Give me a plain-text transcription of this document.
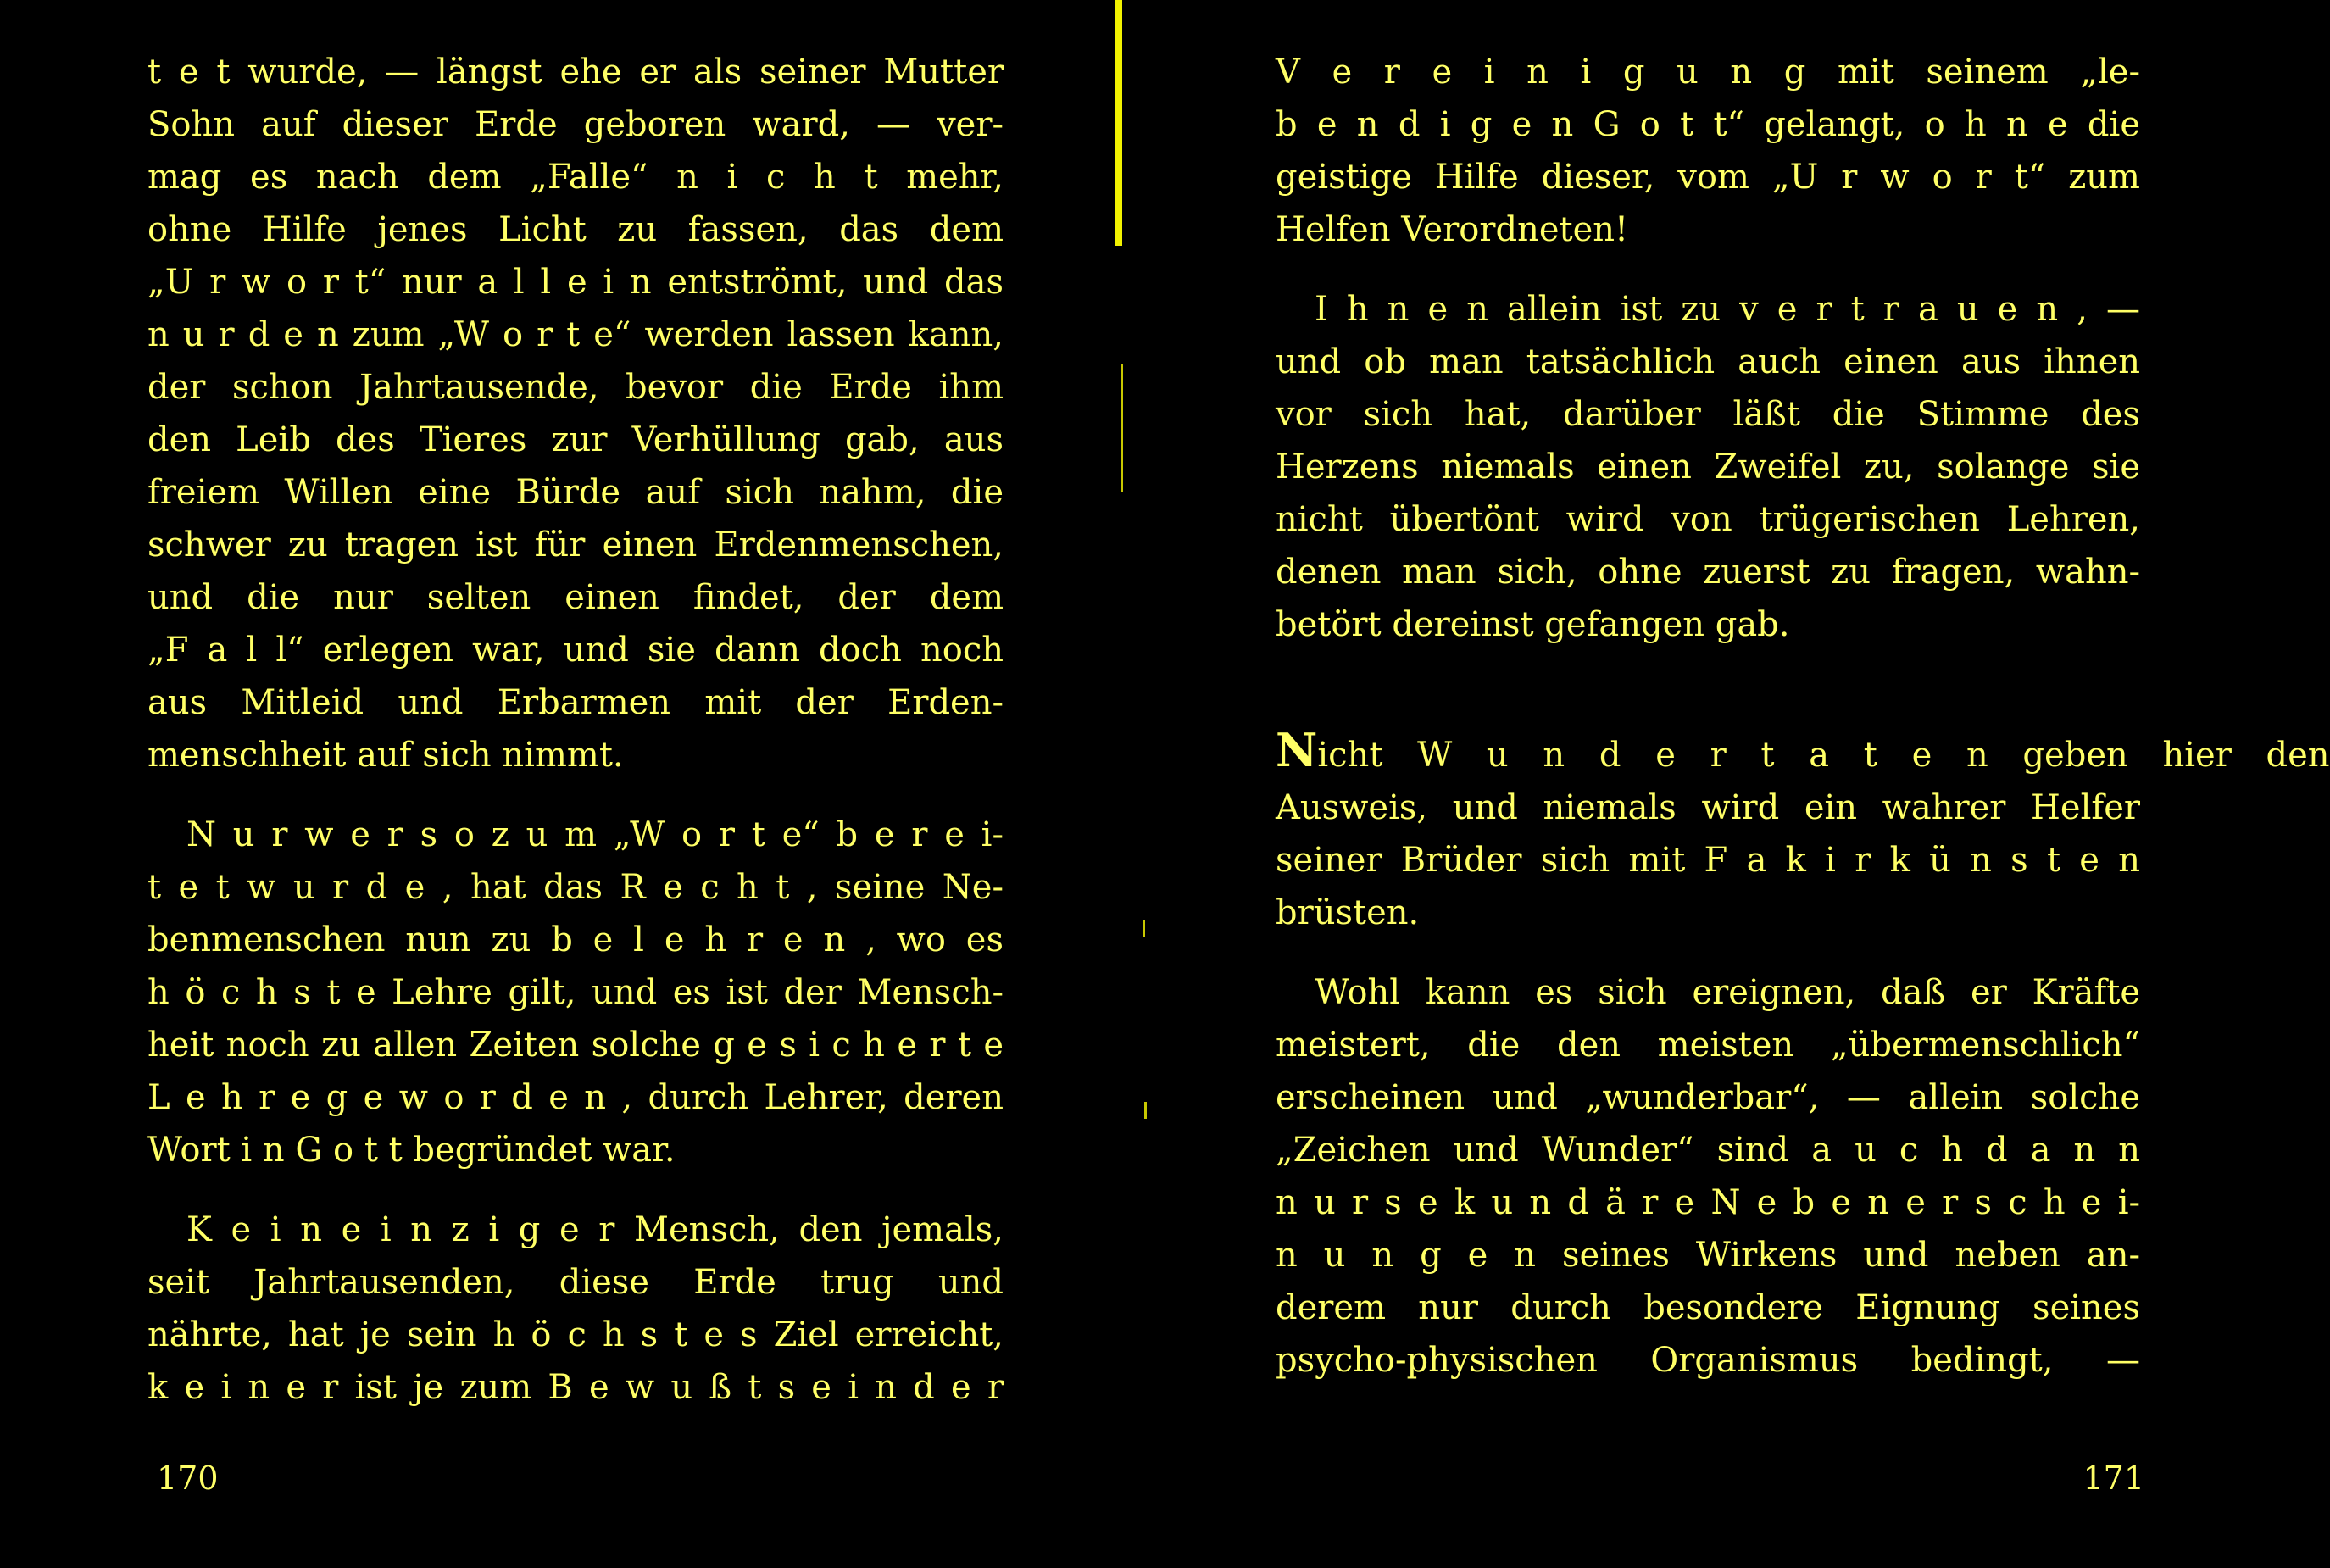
t e t wurde, — längst ehe er als seiner Mutter
Sohn auf dieser Erde geboren ward, — ver-
mag es nach dem „Falle“ n i c h t mehr,
ohne Hilfe jenes Licht zu fassen, das dem
„U r w o r t“ nur a l l e i n entströmt, und das
n u r d e n zum „W o r t e“ werden lassen kann,
der schon Jahrtausende, bevor die Erde ihm
den Leib des Tieres zur Verhüllung gab, aus
freiem Willen eine Bürde auf sich nahm, die
schwer zu tragen ist für einen Erdenmenschen,
und die nur selten einen findet, der dem
„F a l l“ erlegen war, und sie dann doch noch
aus Mitleid und Erbarmen mit der Erden-
menschheit auf sich nimmt.
N u r w e r s o z u m „W o r t e“ b e r e i-
t e t w u r d e , hat das R e c h t , seine Ne-
benmenschen nun zu b e l e h r e n , wo es
h ö c h s t e Lehre gilt, und es ist der Mensch-
heit noch zu allen Zeiten solche g e s i c h e r t e
L e h r e g e w o r d e n , durch Lehrer, deren
Wort i n G o t t begründet war.
K e i n e i n z i g e r Mensch, den jemals,
seit Jahrtausenden, diese Erde trug und
nährte, hat je sein h ö c h s t e s Ziel erreicht,
k e i n e r ist je zum B e w u ß t s e i n d e r
170
V e r e i n i g u n g mit seinem „le-
b e n d i g e n G o t t“ gelangt, o h n e die
geistige Hilfe dieser, vom „U r w o r t“ zum
Helfen Verordneten!
I h n e n allein ist zu v e r t r a u e n , —
und ob man tatsächlich auch einen aus ihnen
vor sich hat, darüber läßt die Stimme des
Herzens niemals einen Zweifel zu, solange sie
nicht übertönt wird von trügerischen Lehren,
denen man sich, ohne zuerst zu fragen, wahn-
betört dereinst gefangen gab.
Nicht W u n d e r t a t e n geben hier den
Ausweis, und niemals wird ein wahrer Helfer
seiner Brüder sich mit F a k i r k ü n s t e n
brüsten.
Wohl kann es sich ereignen, daß er Kräfte
meistert, die den meisten „übermenschlich“
erscheinen und „wunderbar“, — allein solche
„Zeichen und Wunder“ sind a u c h d a n n
n u r s e k u n d ä r e N e b e n e r s c h e i-
n u n g e n seines Wirkens und neben an-
derem nur durch besondere Eignung seines
psycho-physischen Organismus bedingt, —
171
